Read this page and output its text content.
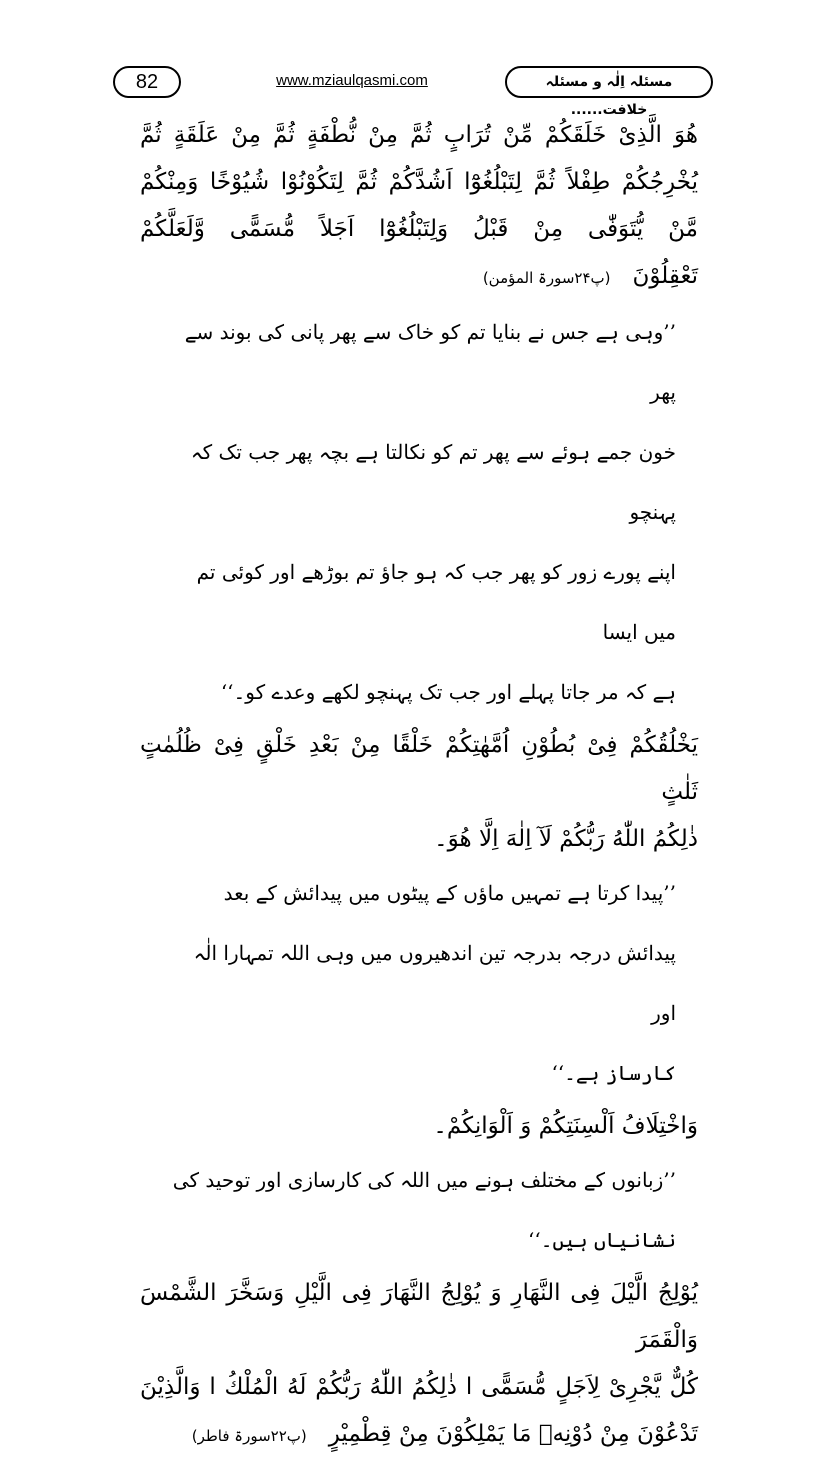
82	www.mziaulqasmi.com	مسئلہ اِلٰہ و مسئلہ خلافت......

هُوَ الَّذِىْ خَلَقَكُمْ مِّنْ تُرَابٍ ثُمَّ مِنْ نُّطْفَةٍ ثُمَّ مِنْ عَلَقَةٍ ثُمَّ

يُخْرِجُكُمْ طِفْلاً ثُمَّ لِتَبْلُغُوْٓا اَشُدَّكُمْ ثُمَّ لِتَكُوْنُوْا شُيُوْخًا وَمِنْكُمْ

مَّنْ يُّتَوَفّٰى مِنْ قَبْلُ وَلِتَبْلُغُوْٓا اَجَلاً مُّسَمًّى وَّلَعَلَّكُمْ

تَعْقِلُوْنَ   (پ۲۴سورۃ المؤمن)

’’وہی ہے جس نے بنایا تم کو خاک سے پھر پانی کی بوند سے پھر

خون جمے ہوئے سے پھر تم کو نکالتا ہے بچہ پھر جب تک کہ پہنچو

اپنے پورے زور کو پھر جب کہ ہو جاؤ تم بوڑھے اور کوئی تم میں ایسا

ہے کہ مر جاتا پہلے اور جب تک پہنچو لکھے وعدے کو۔‘‘

يَخْلُقُكُمْ فِىْ بُطُوْنِ اُمَّهٰتِكُمْ خَلْقًا مِنْ بَعْدِ خَلْقٍ فِىْ ظُلُمٰتٍ ثَلٰثٍ

ذٰلِكُمُ اللّٰهُ رَبُّكُمْ لَآ اِلٰهَ اِلَّا هُوَ۔

’’پیدا کرتا ہے تمہیں ماؤں کے پیٹوں میں پیدائش کے بعد

پیدائش درجہ بدرجہ تین اندھیروں میں وہی اللہ تمہارا الٰہ اور

کارساز ہے۔‘‘

وَاخْتِلَافُ اَلْسِنَتِكُمْ وَ اَلْوَانِكُمْ۔

’’زبانوں کے مختلف ہونے میں اللہ کی کارسازی اور توحید کی

نشانیاں ہیں۔‘‘

يُوْلِجُ الَّيْلَ فِى النَّهَارِ وَ يُوْلِجُ النَّهَارَ فِى الَّيْلِ وَسَخَّرَ الشَّمْسَ وَالْقَمَرَ

كُلٌّ يَّجْرِىْ لِاَجَلٍ مُّسَمًّى ا ذٰلِكُمُ اللّٰهُ رَبُّكُمْ لَهُ الْمُلْكُ ا وَالَّذِيْنَ

تَدْعُوْنَ مِنْ دُوْنِهٖ مَا يَمْلِكُوْنَ مِنْ قِطْمِيْرٍ   (پ۲۲سورۃ فاطر)
